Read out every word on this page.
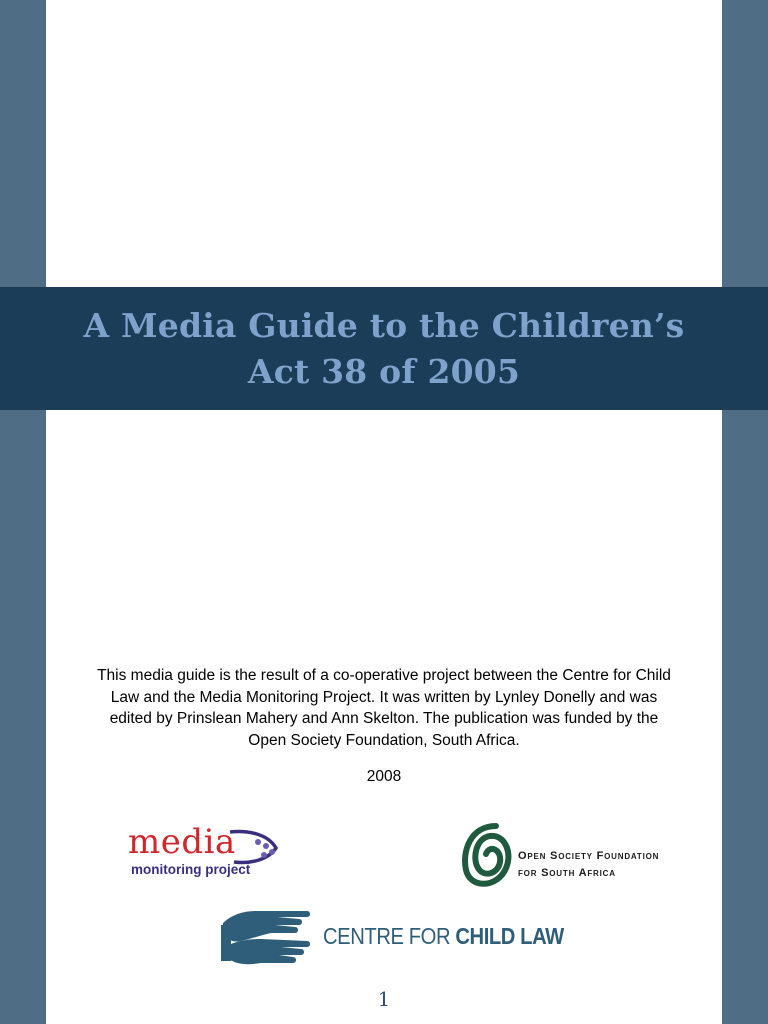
A Media Guide to the Children’s
Act 38 of 2005
This media guide is the result of a co-operative project between the Centre for Child
Law and the Media Monitoring Project. It was written by Lynley Donelly and was
edited by Prinslean Mahery and Ann Skelton. The publication was funded by the
Open Society Foundation, South Africa.
2008
media
monitoring project
Open Society Foundation
for South Africa
CENTRE FOR CHILD LAW
1
